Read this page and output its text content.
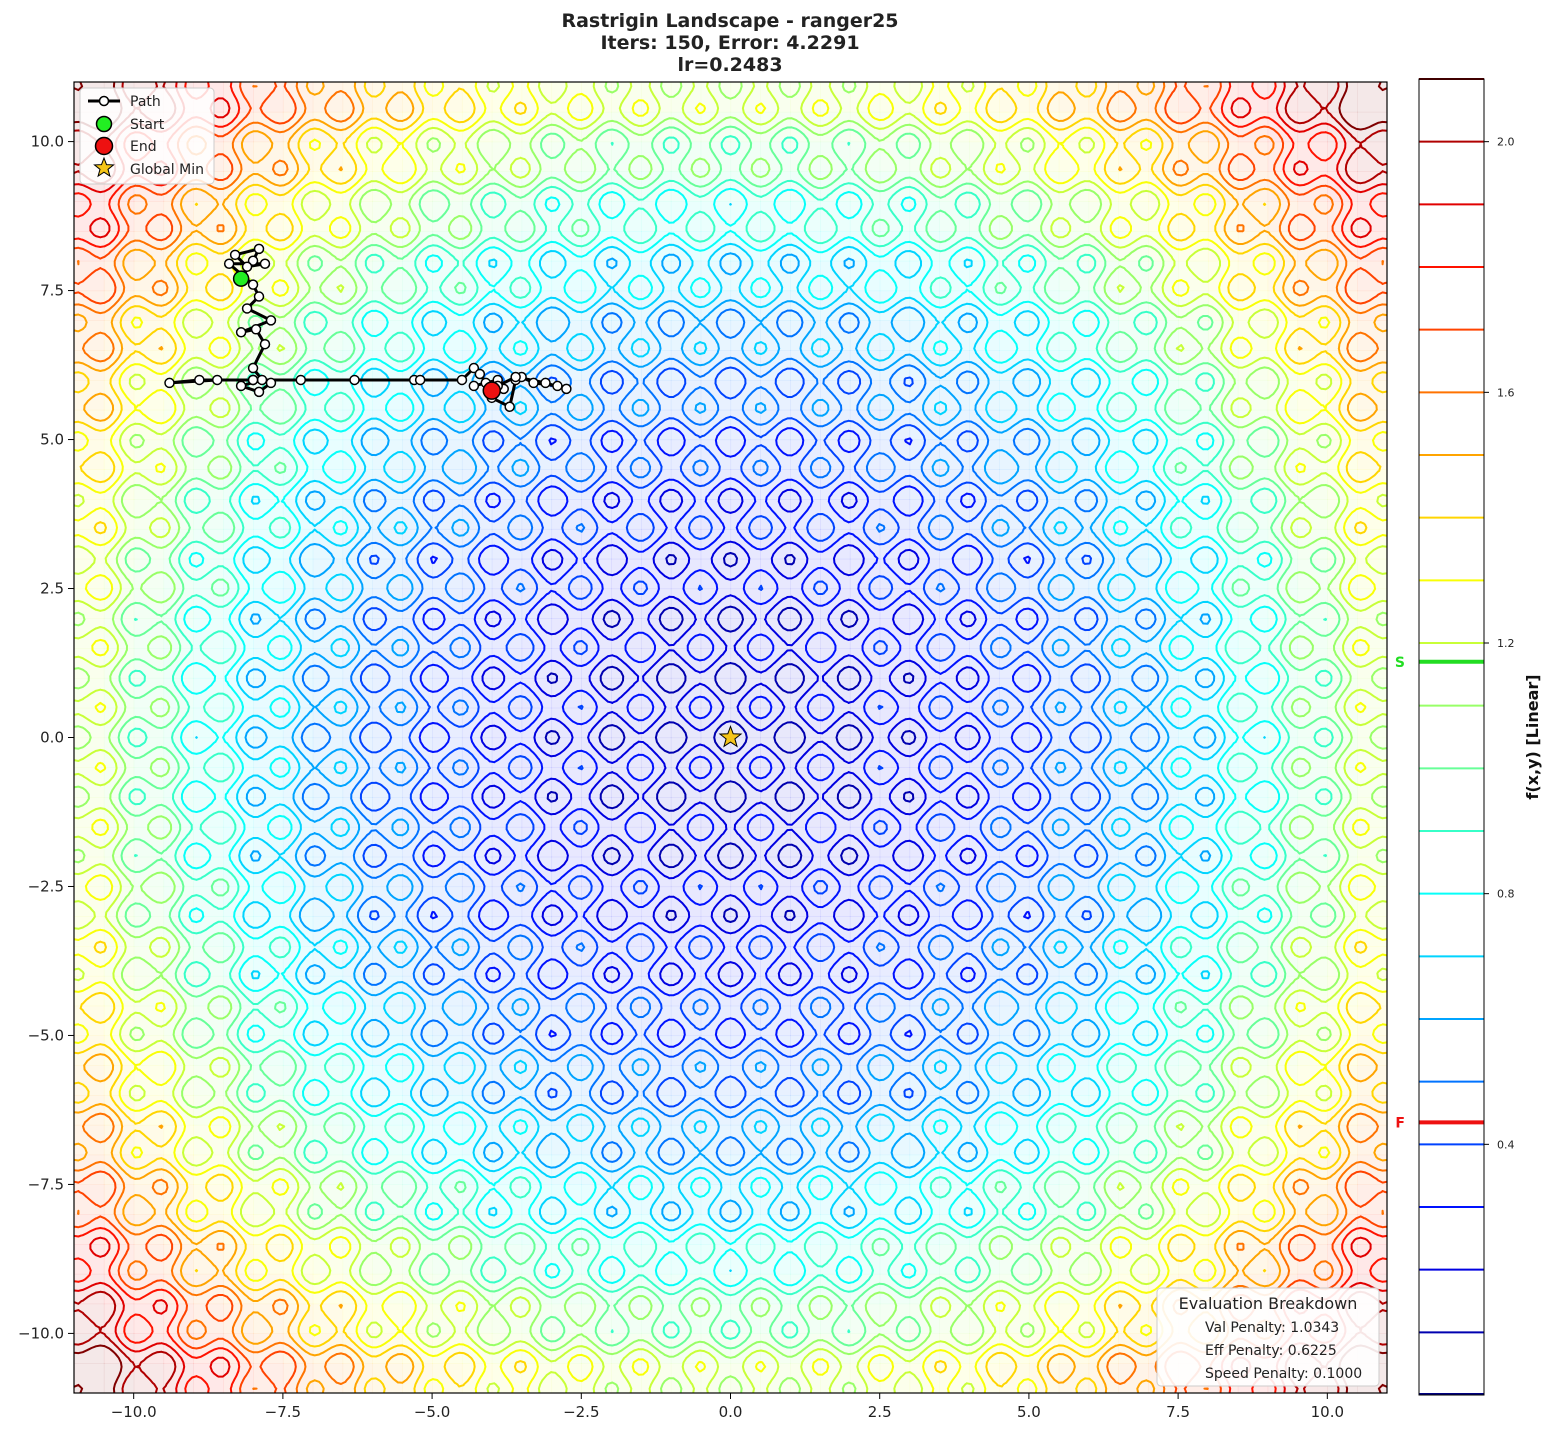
Rastrigin Landscape - ranger25
Iters: 150, Error: 4.2291
lr=0.2483
−10.0	−7.5	−5.0	−2.5	0.0	2.5	5.0	7.5	10.0
10.0
7.5
5.0
2.5
0.0
−2.5
−5.0
−7.5
−10.0
Path
Start
End
Global Min
Evaluation Breakdown
Val Penalty: 1.0343
Eff Penalty: 0.6225
Speed Penalty: 0.1000
S
F
0.4
0.8
1.2
1.6
2.0
f(x,y) [Linear]
